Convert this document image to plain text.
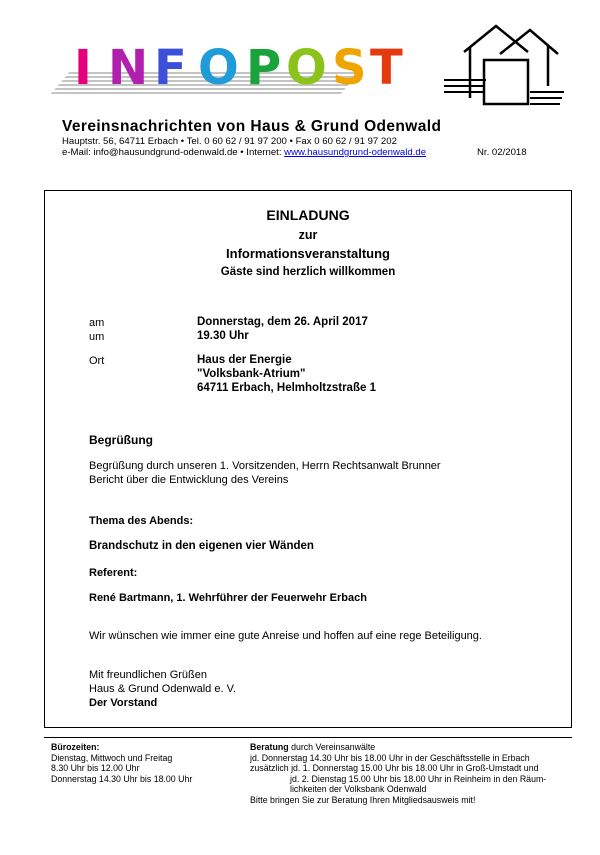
I N F O P O S T
Vereinsnachrichten von Haus & Grund Odenwald
Hauptstr. 56, 64711 Erbach • Tel. 0 60 62 / 91 97 200 • Fax 0 60 62 / 91 97 202
e-Mail: info@hausundgrund-odenwald.de • Internet: www.hausundgrund-odenwald.de	Nr. 02/2018
EINLADUNG
zur
Informationsveranstaltung
Gäste sind herzlich willkommen
am
um
Donnerstag, dem 26. April 2017
19.30 Uhr
Ort	Haus der Energie
"Volksbank-Atrium"
64711 Erbach, Helmholtzstraße 1
Begrüßung
Begrüßung durch unseren 1. Vorsitzenden, Herrn Rechtsanwalt Brunner
Bericht über die Entwicklung des Vereins
Thema des Abends:
Brandschutz in den eigenen vier Wänden
Referent:
René Bartmann, 1. Wehrführer der Feuerwehr Erbach
Wir wünschen wie immer eine gute Anreise und hoffen auf eine rege Beteiligung.
Mit freundlichen Grüßen
Haus & Grund Odenwald e. V.
Der Vorstand
Bürozeiten:
Dienstag, Mittwoch und Freitag
8.30 Uhr bis 12.00 Uhr
Donnerstag 14.30 Uhr bis 18.00 Uhr
Beratung durch Vereinsanwälte
jd. Donnerstag 14.30 Uhr bis 18.00 Uhr in der Geschäftsstelle in Erbach
zusätzlich jd. 1. Donnerstag 15.00 Uhr bis 18.00 Uhr in Groß-Umstadt und
jd. 2. Dienstag 15.00 Uhr bis 18.00 Uhr in Reinheim in den Räum-
lichkeiten der Volksbank Odenwald
Bitte bringen Sie zur Beratung Ihren Mitgliedsausweis mit!
